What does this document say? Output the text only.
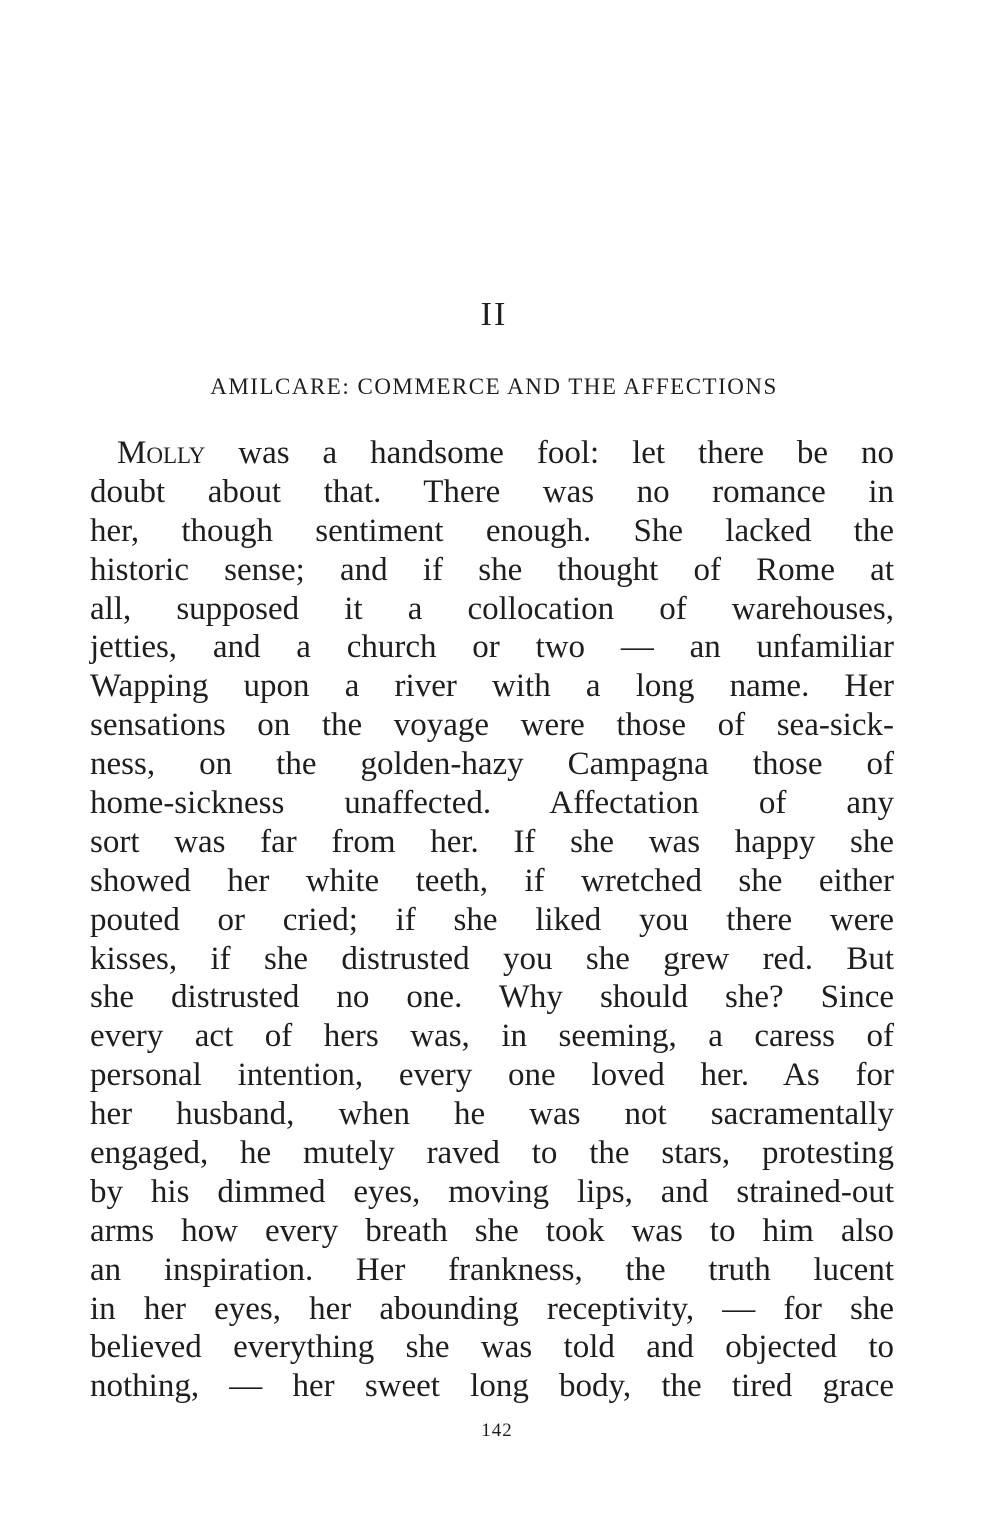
II
AMILCARE: COMMERCE AND THE AFFECTIONS
Molly was a handsome fool: let there be no
doubt about that. There was no romance in
her, though sentiment enough. She lacked the
historic sense; and if she thought of Rome at
all, supposed it a collocation of warehouses,
jetties, and a church or two — an unfamiliar
Wapping upon a river with a long name. Her
sensations on the voyage were those of sea-sick-
ness, on the golden-hazy Campagna those of
home-sickness unaffected. Affectation of any
sort was far from her. If she was happy she
showed her white teeth, if wretched she either
pouted or cried; if she liked you there were
kisses, if she distrusted you she grew red. But
she distrusted no one. Why should she? Since
every act of hers was, in seeming, a caress of
personal intention, every one loved her. As for
her husband, when he was not sacramentally
engaged, he mutely raved to the stars, protesting
by his dimmed eyes, moving lips, and strained-out
arms how every breath she took was to him also
an inspiration. Her frankness, the truth lucent
in her eyes, her abounding receptivity, — for she
believed everything she was told and objected to
nothing, — her sweet long body, the tired grace
142
